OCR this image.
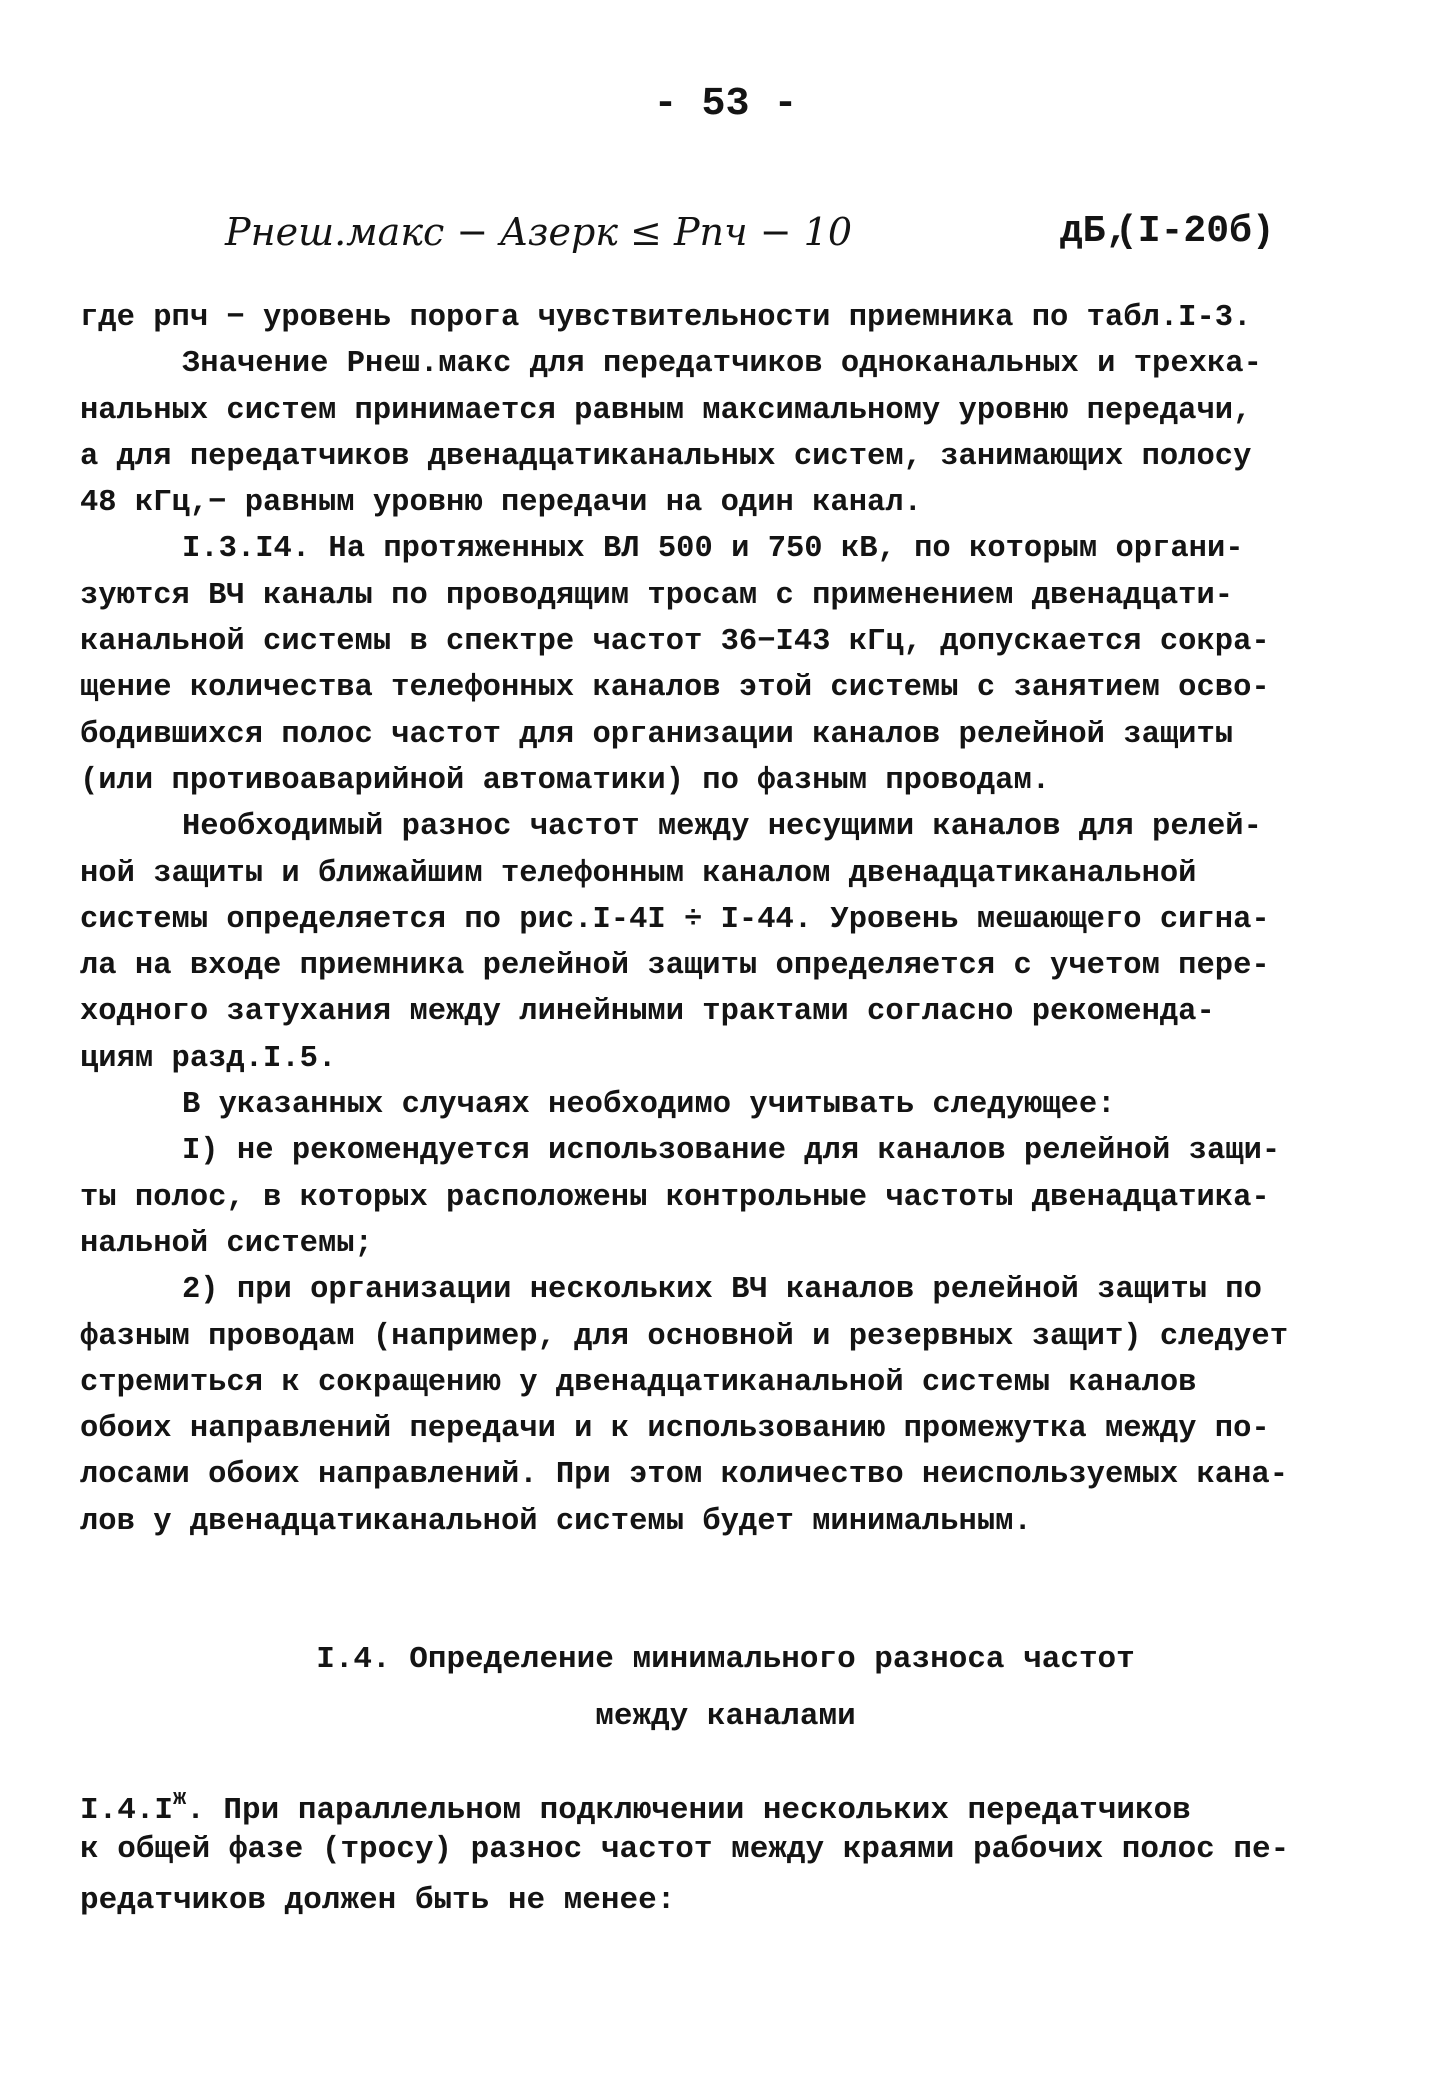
- 53 -
Pнеш.макс − Aзерк ≤ Pпч − 10	дБ,
(I-20б)
где pпч − уровень порога чувствительности приемника по табл.I-3.
Значение Pнеш.макс для передатчиков одноканальных и трехка-
нальных систем принимается равным максимальному уровню передачи,
а для передатчиков двенадцатиканальных систем, занимающих полосу
48 кГц,− равным уровню передачи на один канал.
I.3.I4. На протяженных ВЛ 500 и 750 кВ, по которым органи-
зуются ВЧ каналы по проводящим тросам с применением двенадцати-
канальной системы в спектре частот 36−I43 кГц, допускается сокра-
щение количества телефонных каналов этой системы с занятием осво-
бодившихся полос частот для организации каналов релейной защиты
(или противоаварийной автоматики) по фазным проводам.
Необходимый разнос частот между несущими каналов для релей-
ной защиты и ближайшим телефонным каналом двенадцатиканальной
системы определяется по рис.I-4I ÷ I-44. Уровень мешающего сигна-
ла на входе приемника релейной защиты определяется с учетом пере-
ходного затухания между линейными трактами согласно рекоменда-
циям разд.I.5.
В указанных случаях необходимо учитывать следующее:
I) не рекомендуется использование для каналов релейной защи-
ты полос, в которых расположены контрольные частоты двенадцатика-
нальной системы;
2) при организации нескольких ВЧ каналов релейной защиты по
фазным проводам (например, для основной и резервных защит) следует
стремиться к сокращению у двенадцатиканальной системы каналов
обоих направлений передачи и к использованию промежутка между по-
лосами обоих направлений. При этом количество неиспользуемых кана-
лов у двенадцатиканальной системы будет минимальным.
I.4. Определение минимального разноса частот
между каналами
$I.4.I^ж$. При параллельном подключении нескольких передатчиков
к общей фазе (тросу) разнос частот между краями рабочих полос пе-
редатчиков должен быть не менее:
